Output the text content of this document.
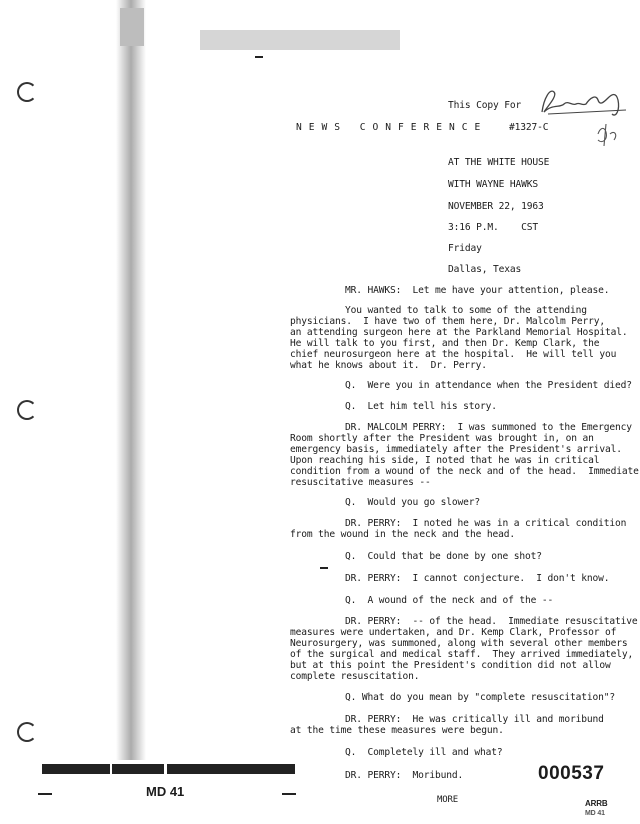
This Copy For
N E W S   C O N F E R E N C E	#1327-C
AT THE WHITE HOUSE
WITH WAYNE HAWKS
NOVEMBER 22, 1963
3:16 P.M.    CST
Friday
Dallas, Texas
MR. HAWKS:  Let me have your attention, please.
You wanted to talk to some of the attending
physicians.  I have two of them here, Dr. Malcolm Perry,
an attending surgeon here at the Parkland Memorial Hospital.
He will talk to you first, and then Dr. Kemp Clark, the
chief neurosurgeon here at the hospital.  He will tell you
what he knows about it.  Dr. Perry.
Q.  Were you in attendance when the President died?
Q.  Let him tell his story.
DR. MALCOLM PERRY:  I was summoned to the Emergency
Room shortly after the President was brought in, on an
emergency basis, immediately after the President's arrival.
Upon reaching his side, I noted that he was in critical
condition from a wound of the neck and of the head.  Immediate
resuscitative measures --
Q.  Would you go slower?
DR. PERRY:  I noted he was in a critical condition
from the wound in the neck and the head.
Q.  Could that be done by one shot?
DR. PERRY:  I cannot conjecture.  I don't know.
Q.  A wound of the neck and of the --
DR. PERRY:  -- of the head.  Immediate resuscitative
measures were undertaken, and Dr. Kemp Clark, Professor of
Neurosurgery, was summoned, along with several other members
of the surgical and medical staff.  They arrived immediately,
but at this point the President's condition did not allow
complete resuscitation.
Q. What do you mean by "complete resuscitation"?
DR. PERRY:  He was critically ill and moribund
at the time these measures were begun.
Q.  Completely ill and what?
DR. PERRY:  Moribund.
MD 41
MORE
000537
ARRB
MD 41
